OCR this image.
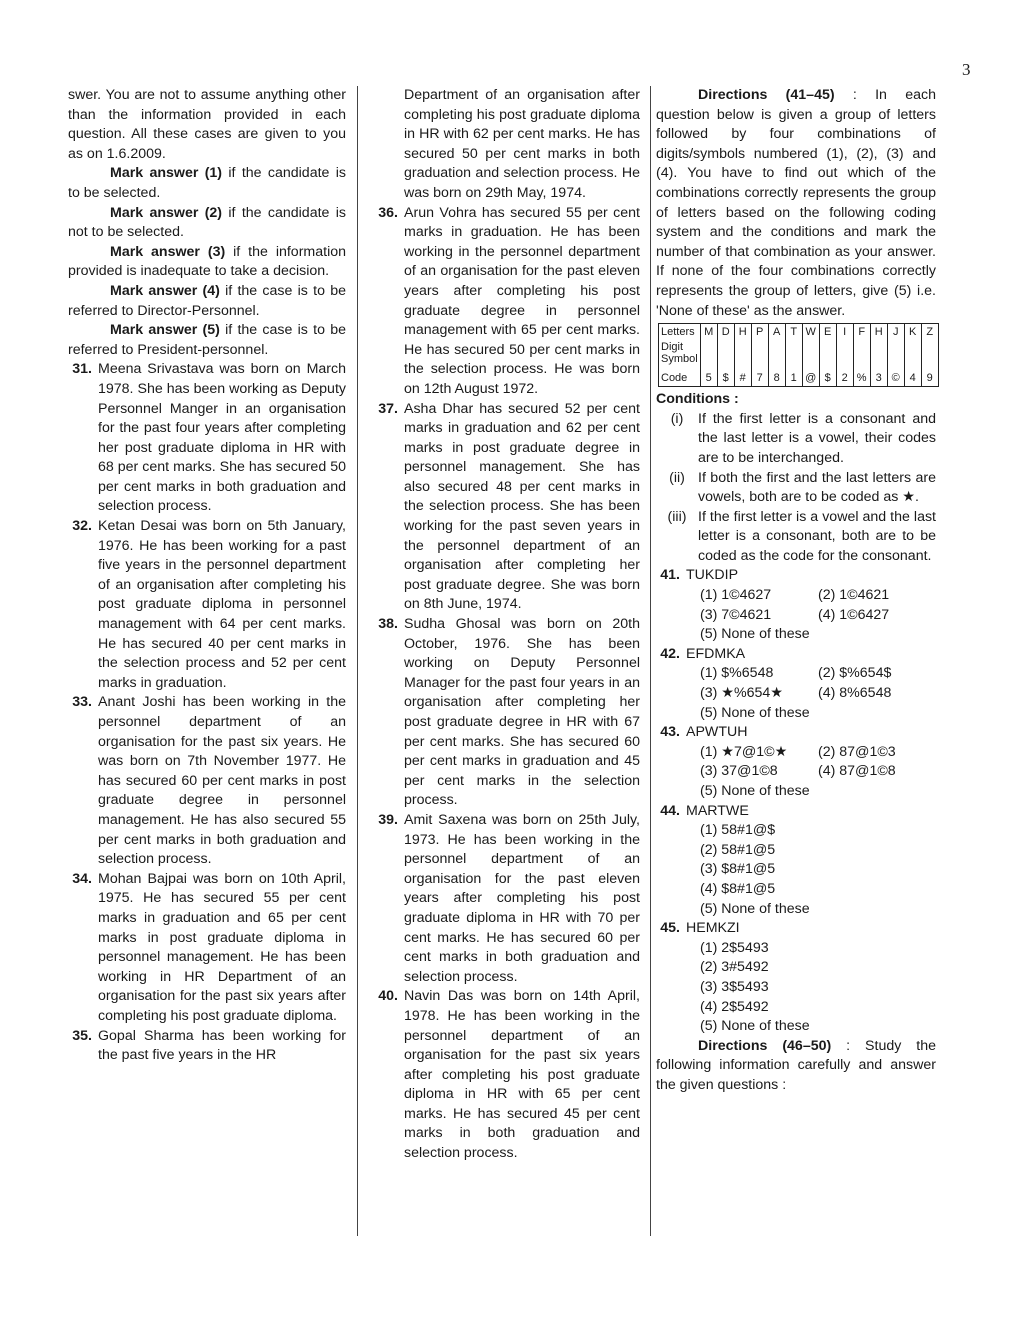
3

swer. You are not to assume anything other than the information provided in each question. All these cases are given to you as on 1.6.2009.

Mark answer (1) if the candidate is to be selected.

Mark answer (2) if the candidate is not to be selected.

Mark answer (3) if the information provided is inadequate to take a decision.

Mark answer (4) if the case is to be referred to Director-Personnel.

Mark answer (5) if the case is to be referred to President-personnel.

31. Meena Srivastava was born on March 1978. She has been working as Deputy Personnel Manger in an organisation for the past four years after completing her post graduate diploma in HR with 68 per cent marks. She has secured 50 per cent marks in both graduation and selection process.
32. Ketan Desai was born on 5th January, 1976. He has been working for a past five years in the personnel department of an organisation after completing his post graduate diploma in personnel management with 64 per cent marks. He has secured 40 per cent marks in the selection process and 52 per cent marks in graduation.
33. Anant Joshi has been working in the personnel department of an organisation for the past six years. He was born on 7th November 1977. He has secured 60 per cent marks in post graduate degree in personnel management. He has also secured 55 per cent marks in both graduation and selection process.
34. Mohan Bajpai was born on 10th April, 1975. He has secured 55 per cent marks in graduation and 65 per cent marks in post graduate diploma in personnel management. He has been working in HR Department of an organisation for the past six years after completing his post graduate diploma.
35. Gopal Sharma has been working for the past five years in the HR

Department of an organisation after completing his post graduate diploma in HR with 62 per cent marks. He has secured 50 per cent marks in both graduation and selection process. He was born on 29th May, 1974.

36. Arun Vohra has secured 55 per cent marks in graduation. He has been working in the personnel department of an organisation for the past eleven years after completing his post graduate degree in personnel management with 65 per cent marks. He has secured 50 per cent marks in the selection process. He was born on 12th August 1972.
37. Asha Dhar has secured 52 per cent marks in graduation and 62 per cent marks in post graduate degree in personnel management. She has also secured 48 per cent marks in the selection process. She has been working for the past seven years in the personnel department of an organisation after completing her post graduate degree. She was born on 8th June, 1974.
38. Sudha Ghosal was born on 20th October, 1976. She has been working on Deputy Personnel Manager for the past four years in an organisation after completing her post graduate degree in HR with 67 per cent marks. She has secured 60 per cent marks in graduation and 45 per cent marks in the selection process.
39. Amit Saxena was born on 25th July, 1973. He has been working in the personnel department of an organisation for the past eleven years after completing his post graduate diploma in HR with 70 per cent marks. He has secured 60 per cent marks in both graduation and selection process.
40. Navin Das was born on 14th April, 1978. He has been working in the personnel department of an organisation for the past six years after completing his post graduate diploma in HR with 65 per cent marks. He has secured 45 per cent marks in both graduation and selection process.

Directions (41–45) : In each question below is given a group of letters followed by four combinations of digits/symbols numbered (1), (2), (3) and (4). You have to find out which of the combinations correctly represents the group of letters based on the following coding system and the conditions and mark the number of that combination as your answer. If none of the four combinations correctly represents the group of letters, give (5) i.e. 'None of these' as the answer.

Letters	M	D	H	P	A	T	W	E	I	F	H	J	K	Z
Digit
Symbol														
Code	5	$	#	7	8	1	@	$	2	%	3	©	4	9
Conditions :
(i)	If the first letter is a consonant and the last letter is a vowel, their codes are to be interchanged.
(ii) If both the first and the last letters are vowels, both are to be coded as ★.
(iii) If the first letter is a vowel and the last letter is a consonant, both are to be coded as the code for the consonant.
41. TUKDIP
(1) 1©4627	(2) 1©4621
(3) 7©4621	(4) 1©6427
(5) None of these
42. EFDMKA
(1) $%6548	(2) $%654$
(3) ★%654★	(4) 8%6548
(5) None of these
43. APWTUH
(1) ★7@1©★	(2) 87@1©3
(3) 37@1©8	(4) 87@1©8
(5) None of these
44. MARTWE
(1) 58#1@$
(2) 58#1@5
(3) $8#1@5
(4) $8#1@5
(5) None of these
45. HEMKZI
(1) 2$5493
(2) 3#5492
(3) 3$5493
(4) 2$5492
(5) None of these

Directions (46–50) : Study the following information carefully and answer the given questions :
